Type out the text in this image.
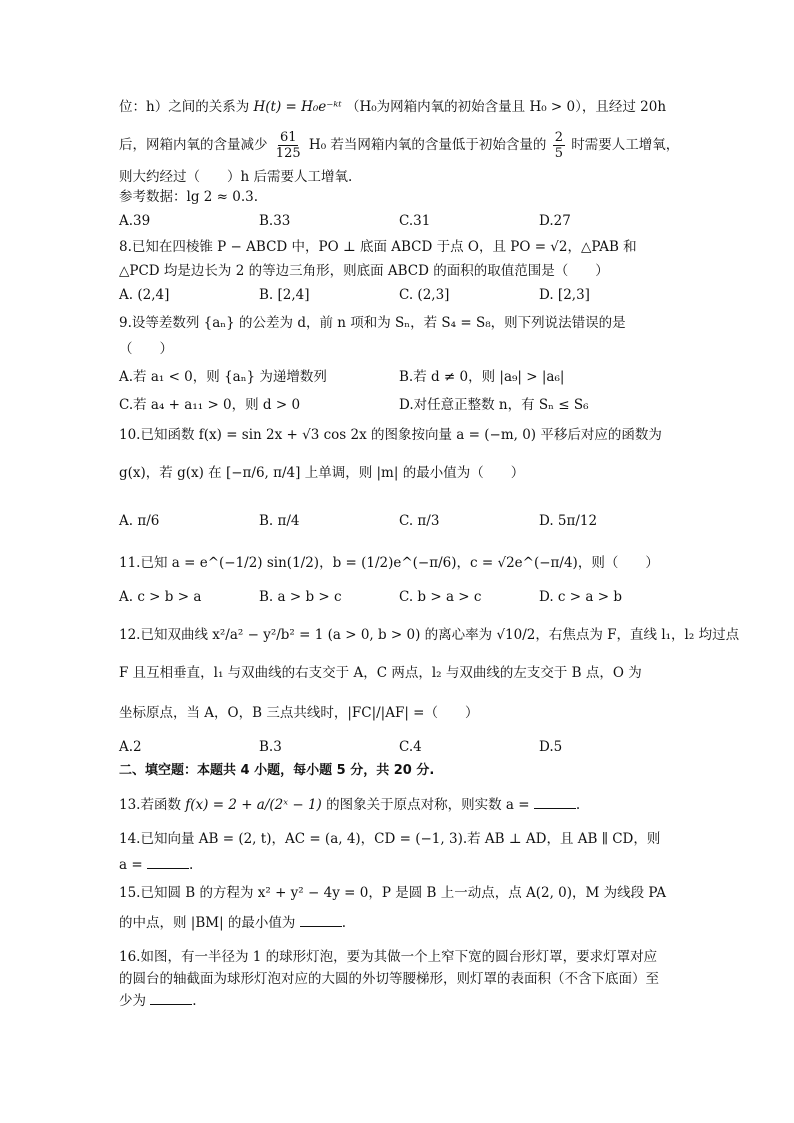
位：h）之间的关系为 H(t) = H₀e⁻ᵏᵗ （H₀为网箱内氧的初始含量且 H₀ > 0），且经过 20h
后，网箱内氧的含量减少 $\frac{61}{125} H_0$ 若当网箱内氧的含量低于初始含量的 $\frac{2}{5}$ 时需要人工增氧，
则大约经过（　　）h 后需要人工增氧.
参考数据：lg 2 ≈ 0.3.
A.39	B.33	C.31	D.27
8.已知在四棱锥 P − ABCD 中，PO ⊥ 底面 ABCD 于点 O，且 PO = √2，△PAB 和
△PCD 均是边长为 2 的等边三角形，则底面 ABCD 的面积的取值范围是（　　）
A. (2,4]	B. [2,4]	C. (2,3]	D. [2,3]
9.设等差数列 {aₙ} 的公差为 d，前 n 项和为 Sₙ，若 S₄ = S₈，则下列说法错误的是
（　　）
A.若 a₁ < 0，则 {aₙ} 为递增数列	B.若 d ≠ 0，则 |a₉| > |a₆|
C.若 a₄ + a₁₁ > 0，则 d > 0	D.对任意正整数 n，有 Sₙ ≤ S₆
10.已知函数 f(x) = sin 2x + √3 cos 2x 的图象按向量 a = (−m, 0) 平移后对应的函数为
g(x)，若 g(x) 在 [−π/6, π/4] 上单调，则 |m| 的最小值为（　　）
A. π/6	B. π/4	C. π/3	D. 5π/12
11.已知 a = e^(−1/2) sin(1/2)，b = (1/2)e^(−π/6)，c = √2e^(−π/4)，则（　　）
A. c > b > a	B. a > b > c	C. b > a > c	D. c > a > b
12.已知双曲线 x²/a² − y²/b² = 1 (a > 0, b > 0) 的离心率为 √10/2，右焦点为 F，直线 l₁，l₂ 均过点
F 且互相垂直，l₁ 与双曲线的右支交于 A，C 两点，l₂ 与双曲线的左支交于 B 点，O 为
坐标原点，当 A，O，B 三点共线时，|FC|/|AF| =（　　）
A.2	B.3	C.4	D.5
二、填空题：本题共 4 小题，每小题 5 分，共 20 分.
13.若函数 f(x) = 2 + a/(2ˣ − 1) 的图象关于原点对称，则实数 a =	.
14.已知向量 AB = (2, t)，AC = (a, 4)，CD = (−1, 3).若 AB ⊥ AD，且 AB ∥ CD，则
a =	.
15.已知圆 B 的方程为 x² + y² − 4y = 0，P 是圆 B 上一动点，点 A(2, 0)，M 为线段 PA
的中点，则 |BM| 的最小值为	.
16.如图，有一半径为 1 的球形灯泡，要为其做一个上窄下宽的圆台形灯罩，要求灯罩对应
的圆台的轴截面为球形灯泡对应的大圆的外切等腰梯形，则灯罩的表面积（不含下底面）至
少为	.
